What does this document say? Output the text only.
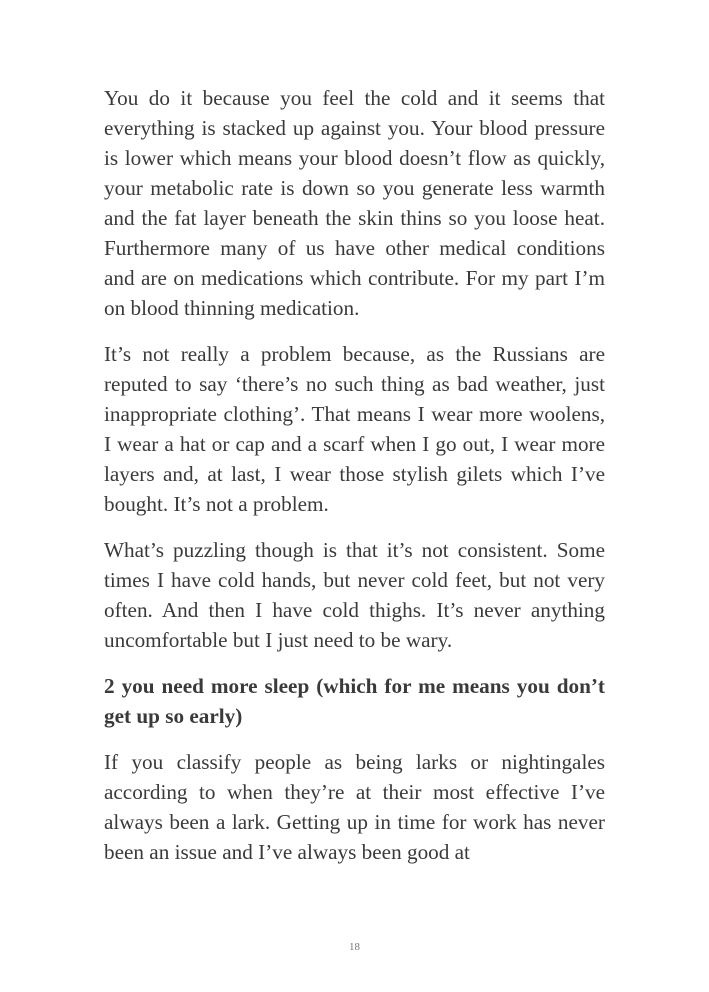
You do it because you feel the cold and it seems that everything is stacked up against you. Your blood pressure is lower which means your blood doesn’t flow as quickly, your metabolic rate is down so you generate less warmth and the fat layer beneath the skin thins so you loose heat. Furthermore many of us have other medical conditions and are on medications which contribute. For my part I’m on blood thinning medication.

It’s not really a problem because, as the Russians are reputed to say ‘there’s no such thing as bad weather, just inappropriate clothing’. That means I wear more woolens, I wear a hat or cap and a scarf when I go out, I wear more layers and, at last, I wear those stylish gilets which I’ve bought. It’s not a problem.

What’s puzzling though is that it’s not consistent. Some times I have cold hands, but never cold feet, but not very often. And then I have cold thighs. It’s never anything uncomfortable but I just need to be wary.

2 you need more sleep (which for me means you don’t get up so early)

If you classify people as being larks or nightingales according to when they’re at their most effective I’ve always been a lark. Getting up in time for work has never been an issue and I’ve always been good at

18
